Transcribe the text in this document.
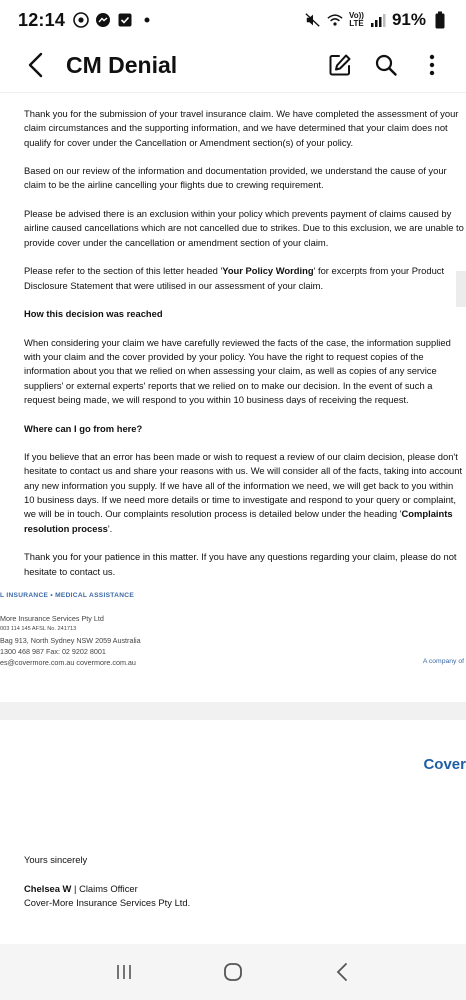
12:14	Vo))
LTE 91%
CM Denial

Thank you for the submission of your travel insurance claim. We have completed the assessment of your claim circumstances and the supporting information, and we have determined that your claim does not qualify for cover under the Cancellation or Amendment section(s) of your policy.

Based on our review of the information and documentation provided, we understand the cause of your claim to be the airline cancelling your flights due to crewing requirement.

Please be advised there is an exclusion within your policy which prevents payment of claims caused by airline caused cancellations which are not cancelled due to strikes. Due to this exclusion, we are unable to provide cover under the cancellation or amendment section of your claim.

Please refer to the section of this letter headed 'Your Policy Wording' for excerpts from your Product Disclosure Statement that were utilised in our assessment of your claim.

How this decision was reached

When considering your claim we have carefully reviewed the facts of the case, the information supplied with your claim and the cover provided by your policy. You have the right to request copies of the information about you that we relied on when assessing your claim, as well as copies of any service suppliers' or external experts' reports that we relied on to make our decision. In the event of such a request being made, we will respond to you within 10 business days of receiving the request.

Where can I go from here?

If you believe that an error has been made or wish to request a review of our claim decision, please don't hesitate to contact us and share your reasons with us. We will consider all of the facts, taking into account any new information you supply. If we have all of the information we need, we will get back to you within 10 business days. If we need more details or time to investigate and respond to your query or complaint, we will be in touch. Our complaints resolution process is detailed below under the heading 'Complaints resolution process'.

Thank you for your patience in this matter. If you have any questions regarding your claim, please do not hesitate to contact us.

L INSURANCE • MEDICAL ASSISTANCE
More Insurance Services Pty Ltd
003 114 145 AFSL No. 241713
Bag 913, North Sydney NSW 2059 Australia
1300 468 987 Fax: 02 9202 8001
es@covermore.com.au covermore.com.au	A company of
Cover
Yours sincerely
Chelsea W | Claims Officer
Cover-More Insurance Services Pty Ltd.
